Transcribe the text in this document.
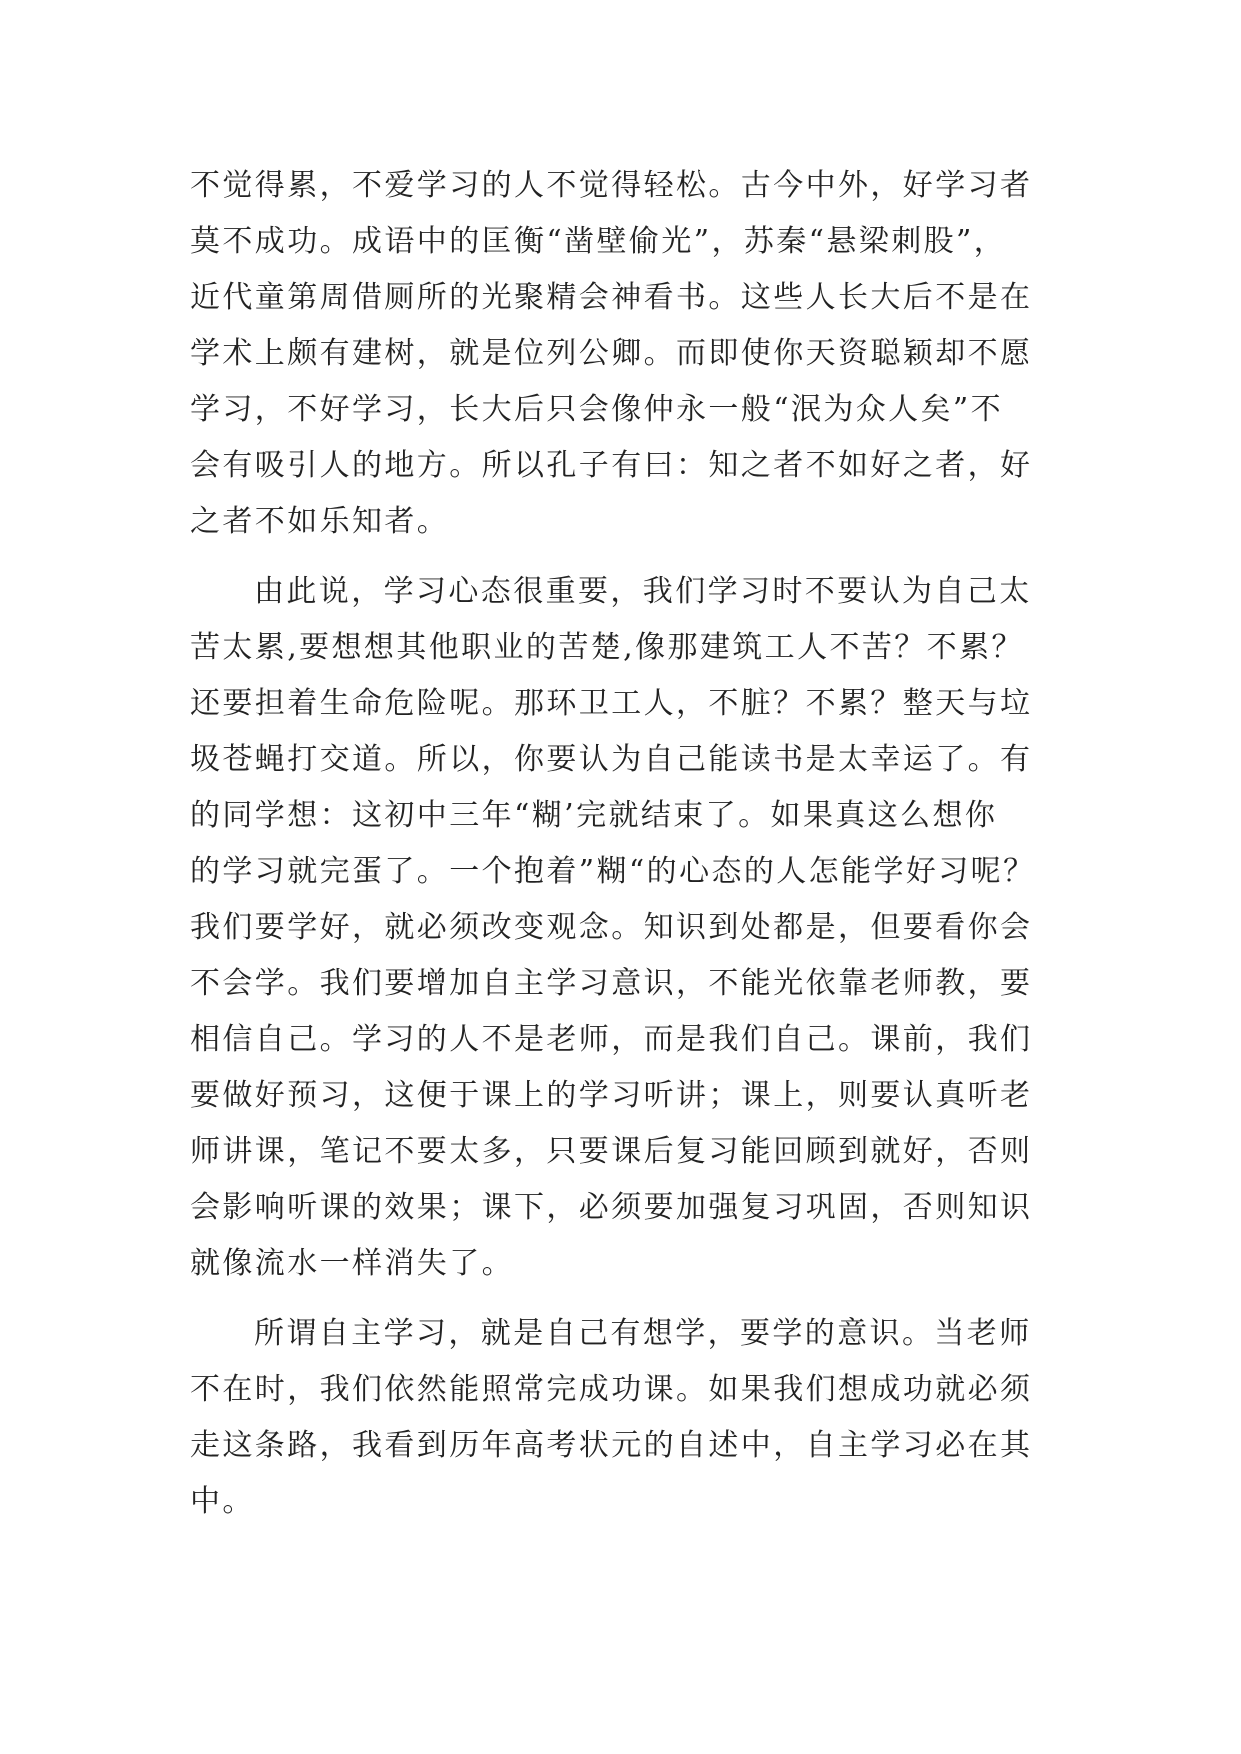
不觉得累，不爱学习的人不觉得轻松。古今中外，好学习者
莫不成功。成语中的匡衡“凿壁偷光”，苏秦“悬梁刺股”，
近代童第周借厕所的光聚精会神看书。这些人长大后不是在
学术上颇有建树，就是位列公卿。而即使你天资聪颖却不愿
学习，不好学习，长大后只会像仲永一般“泯为众人矣”不
会有吸引人的地方。所以孔子有曰：知之者不如好之者，好
之者不如乐知者。
由此说，学习心态很重要，我们学习时不要认为自己太
苦太累,要想想其他职业的苦楚,像那建筑工人不苦？不累？
还要担着生命危险呢。那环卫工人，不脏？不累？整天与垃
圾苍蝇打交道。所以，你要认为自己能读书是太幸运了。有
的同学想：这初中三年“糊’完就结束了。如果真这么想你
的学习就完蛋了。一个抱着”糊“的心态的人怎能学好习呢？
我们要学好，就必须改变观念。知识到处都是，但要看你会
不会学。我们要增加自主学习意识，不能光依靠老师教，要
相信自己。学习的人不是老师，而是我们自己。课前，我们
要做好预习，这便于课上的学习听讲；课上，则要认真听老
师讲课，笔记不要太多，只要课后复习能回顾到就好，否则
会影响听课的效果；课下，必须要加强复习巩固，否则知识
就像流水一样消失了。
所谓自主学习，就是自己有想学，要学的意识。当老师
不在时，我们依然能照常完成功课。如果我们想成功就必须
走这条路，我看到历年高考状元的自述中，自主学习必在其
中。
